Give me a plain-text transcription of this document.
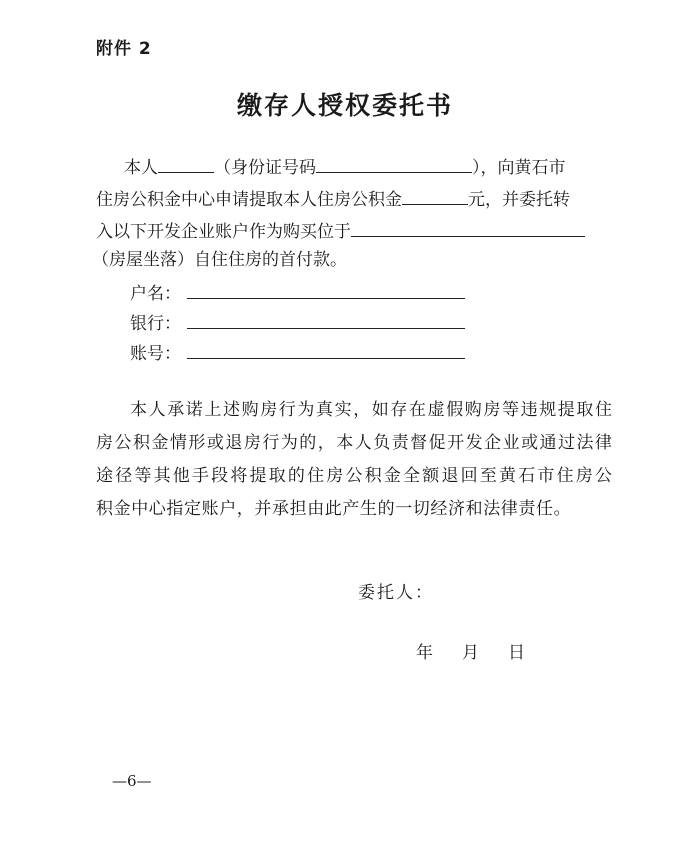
附件 2
缴存人授权委托书
本人	（身份证号码	），向黄石市
住房公积金中心申请提取本人住房公积金	元，并委托转
入以下开发企业账户作为购买位于
（房屋坐落）自住住房的首付款。
户名：
银行：
账号：
本人承诺上述购房行为真实，如存在虚假购房等违规提取住
房公积金情形或退房行为的，本人负责督促开发企业或通过法律
途径等其他手段将提取的住房公积金全额退回至黄石市住房公
积金中心指定账户，并承担由此产生的一切经济和法律责任。
委托人：
年 月 日
—6—
